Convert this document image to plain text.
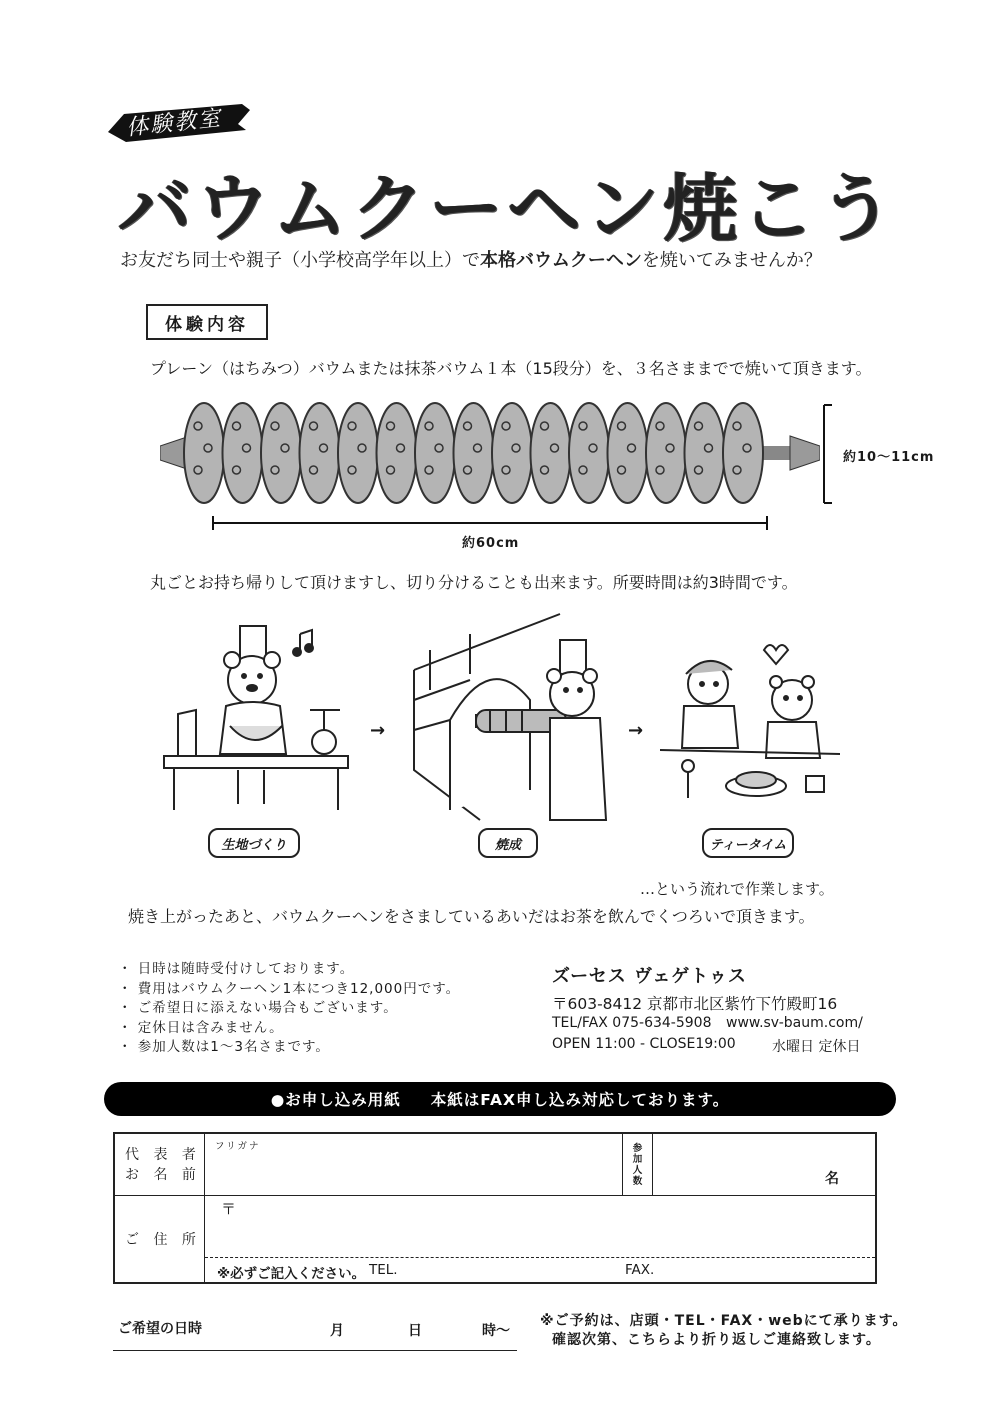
体験教室
バウムクーヘン焼こう
お友だち同士や親子（小学校高学年以上）で本格バウムクーヘンを焼いてみませんか？
体験内容
プレーン（はちみつ）バウムまたは抹茶バウム１本（15段分）を、３名さままでで焼いて頂きます。
約10～11cm
約60cm
丸ごとお持ち帰りして頂けますし、切り分けることも出来ます。所要時間は約3時間です。
→	→
生地づくり	焼成	ティータイム
…という流れで作業します。
焼き上がったあと、バウムクーヘンをさましているあいだはお茶を飲んでくつろいで頂きます。
・ 日時は随時受付けしております。
・ 費用はバウムクーヘン1本につき12,000円です。
・ ご希望日に添えない場合もございます。
・ 定休日は含みません。
・ 参加人数は1～3名さまです。
ズーセス ヴェゲトゥス
〒603-8412 京都市北区紫竹下竹殿町16
TEL/FAX 075-634-5908 www.sv-baum.com/
OPEN 11:00 - CLOSE19:00	水曜日 定休日
●お申し込み用紙 本紙はFAX申し込み対応しております。
代 表 者
お 名 前
フリガナ	参
加
人
数	名
ご 住 所
〒
※必ずご記入ください。 TEL.	FAX.
ご希望の日時	月	日	時～
※ご予約は、店頭・TEL・FAX・webにて承ります。
確認次第、こちらより折り返しご連絡致します。
